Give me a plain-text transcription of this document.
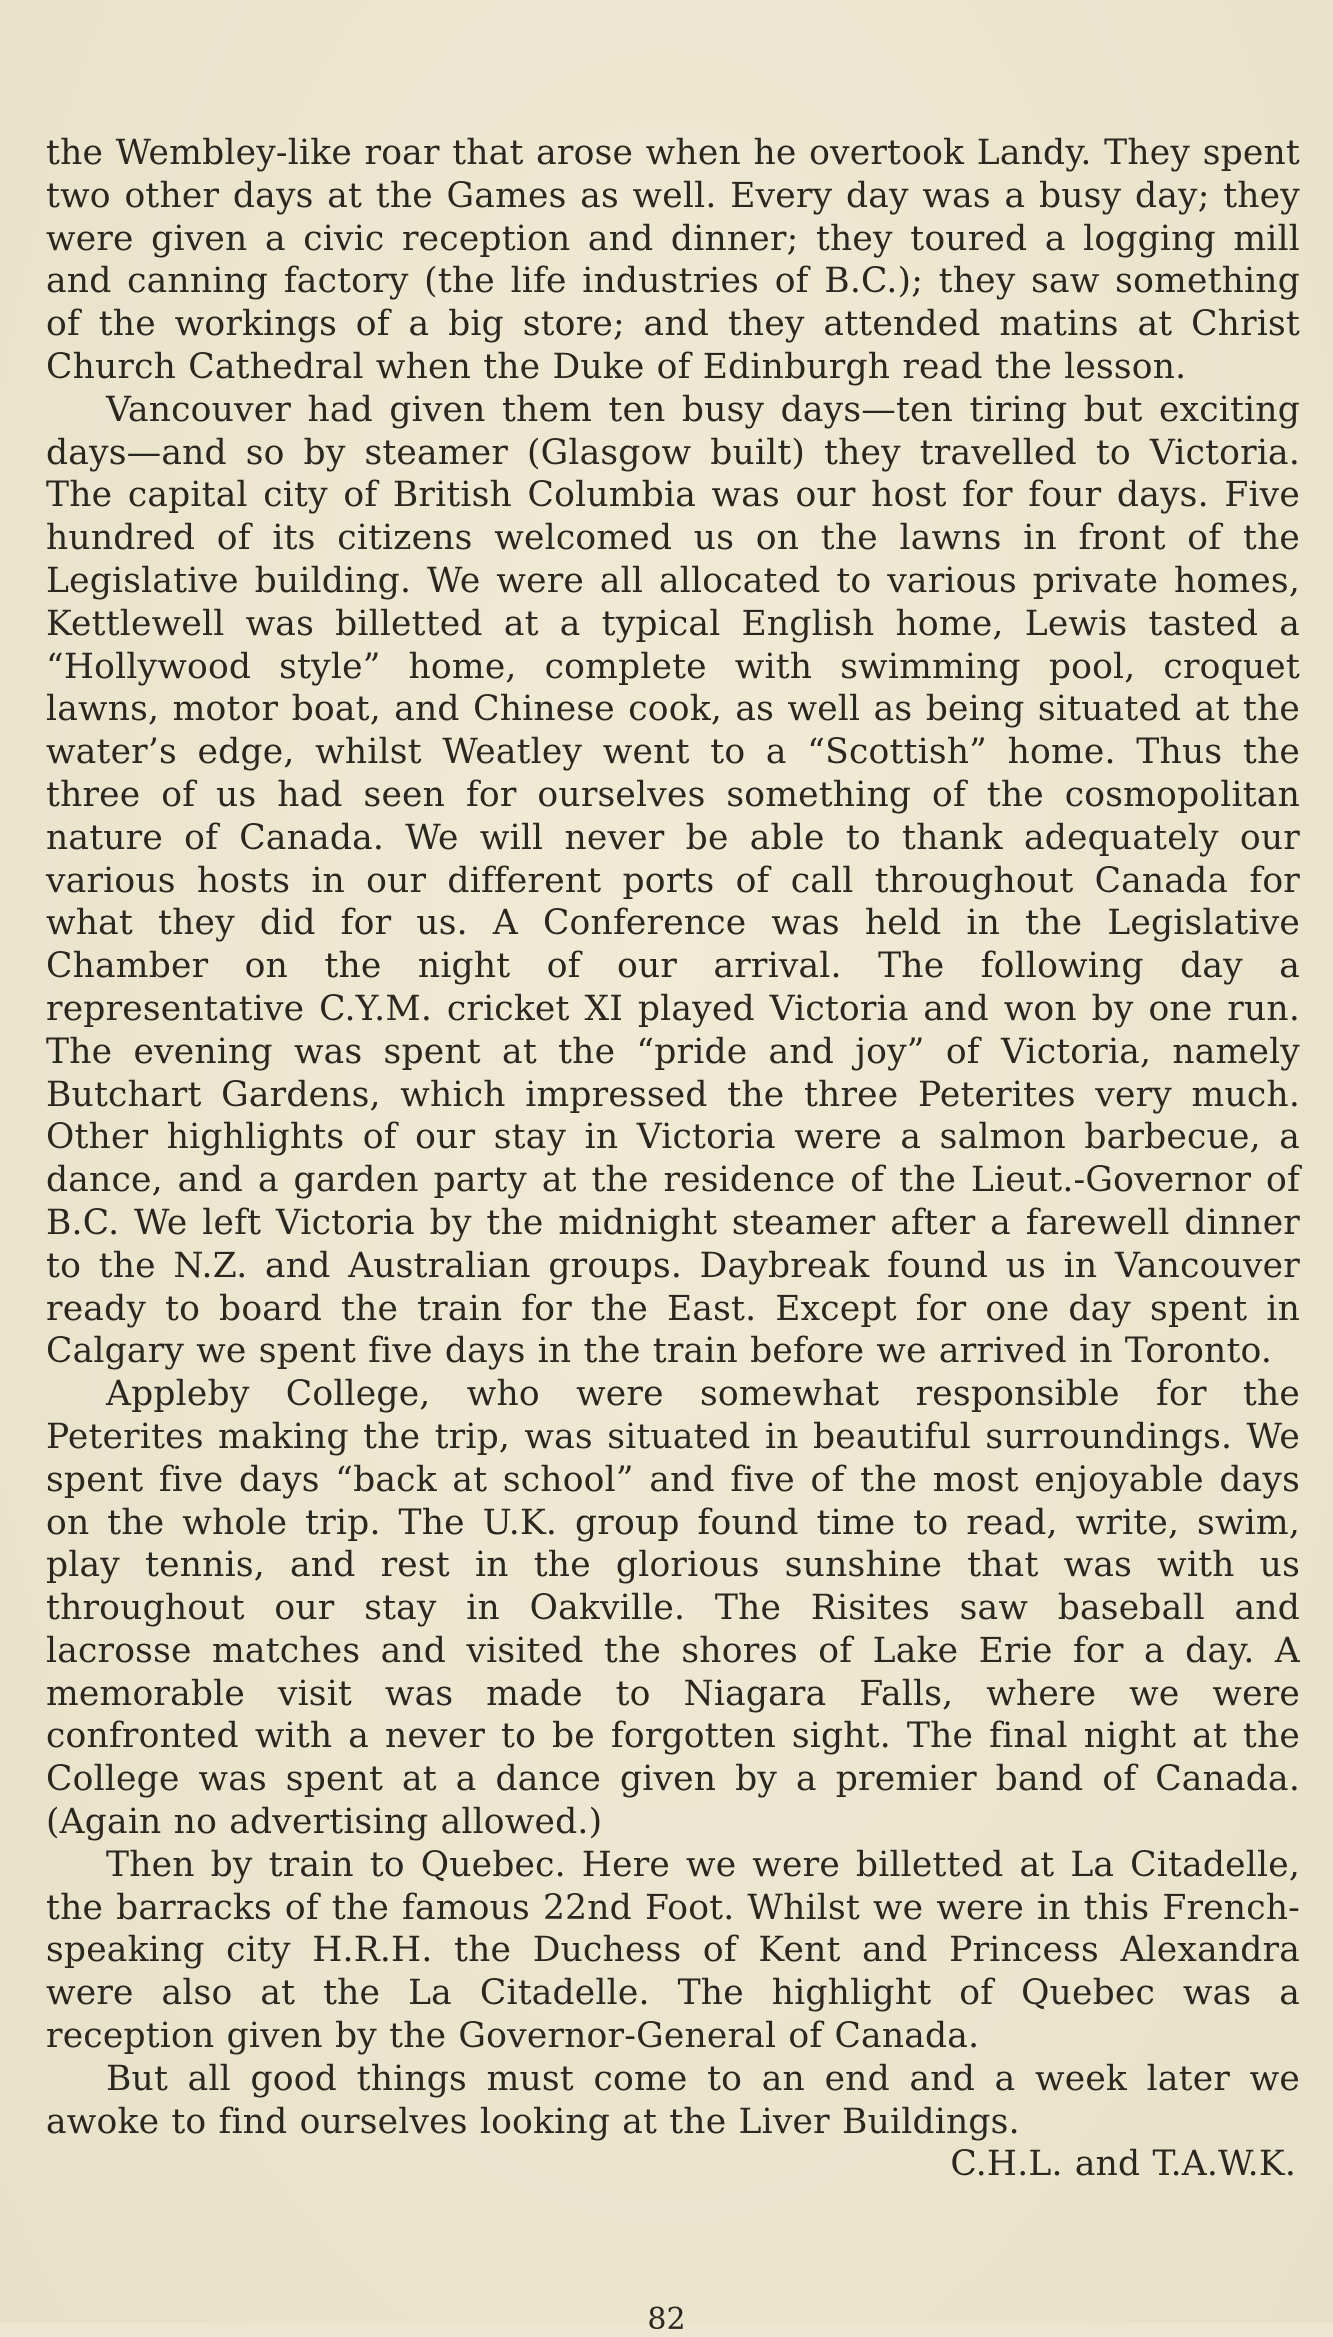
the Wembley-like roar that arose when he overtook Landy. They spent two other days at the Games as well. Every day was a busy day; they were given a civic reception and dinner; they toured a logging mill and canning factory (the life industries of B.C.); they saw something of the workings of a big store; and they attended matins at Christ Church Cathedral when the Duke of Edinburgh read the lesson.

Vancouver had given them ten busy days—ten tiring but exciting days—and so by steamer (Glasgow built) they travelled to Victoria. The capital city of British Columbia was our host for four days. Five hundred of its citizens welcomed us on the lawns in front of the Legislative building. We were all allocated to various private homes, Kettlewell was billetted at a typical English home, Lewis tasted a “Hollywood style” home, complete with swimming pool, croquet lawns, motor boat, and Chinese cook, as well as being situated at the water’s edge, whilst Weatley went to a “Scottish” home. Thus the three of us had seen for ourselves something of the cosmopolitan nature of Canada. We will never be able to thank adequately our various hosts in our different ports of call throughout Canada for what they did for us. A Conference was held in the Legislative Chamber on the night of our arrival. The following day a representative C.Y.M. cricket XI played Victoria and won by one run. The evening was spent at the “pride and joy” of Victoria, namely Butchart Gardens, which impressed the three Peterites very much. Other highlights of our stay in Victoria were a salmon barbecue, a dance, and a garden party at the residence of the Lieut.-Governor of B.C. We left Victoria by the midnight steamer after a farewell dinner to the N.Z. and Australian groups. Daybreak found us in Vancouver ready to board the train for the East. Except for one day spent in Calgary we spent five days in the train before we arrived in Toronto.

Appleby College, who were somewhat responsible for the Peterites making the trip, was situated in beautiful surroundings. We spent five days “back at school” and five of the most enjoyable days on the whole trip. The U.K. group found time to read, write, swim, play tennis, and rest in the glorious sunshine that was with us throughout our stay in Oakville. The Risites saw baseball and lacrosse matches and visited the shores of Lake Erie for a day. A memorable visit was made to Niagara Falls, where we were confronted with a never to be forgotten sight. The final night at the College was spent at a dance given by a premier band of Canada. (Again no advertising allowed.)

Then by train to Quebec. Here we were billetted at La Citadelle, the barracks of the famous 22nd Foot. Whilst we were in this French-speaking city H.R.H. the Duchess of Kent and Princess Alexandra were also at the La Citadelle. The highlight of Quebec was a reception given by the Governor-General of Canada.

But all good things must come to an end and a week later we awoke to find ourselves looking at the Liver Buildings.

C.H.L. and T.A.W.K.

82
